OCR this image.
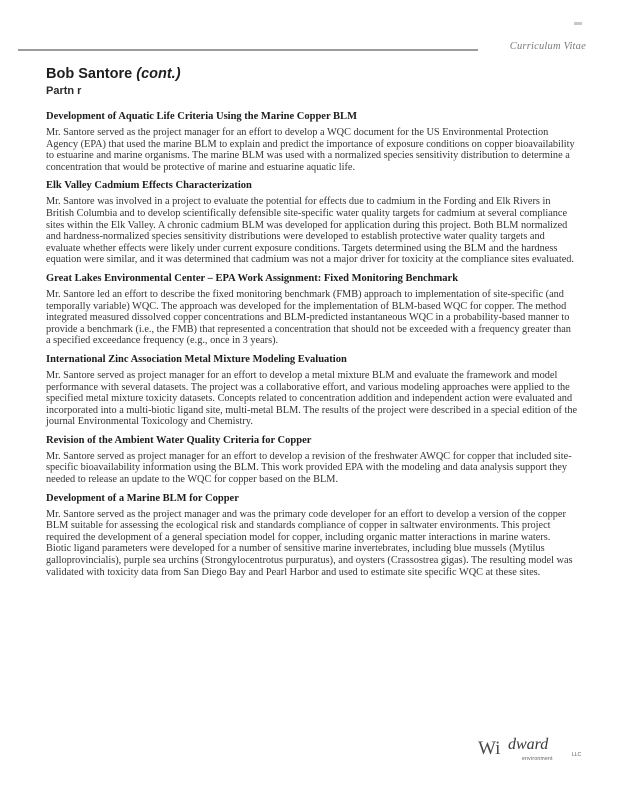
Curriculum Vitae
Bob Santore (cont.)
Partn r
Development of Aquatic Life Criteria Using the Marine Copper BLM

Mr. Santore served as the project manager for an effort to develop a WQC document for the US Environmental Protection Agency (EPA) that used the marine BLM to explain and predict the importance of exposure conditions on copper bioavailability to estuarine and marine organisms. The marine BLM was used with a normalized species sensitivity distribution to determine a concentration that would be protective of marine and estuarine aquatic life.

Elk Valley Cadmium Effects Characterization

Mr. Santore was involved in a project to evaluate the potential for effects due to cadmium in the Fording and Elk Rivers in British Columbia and to develop scientifically defensible site-specific water quality targets for cadmium at several compliance sites within the Elk Valley. A chronic cadmium BLM was developed for application during this project. Both BLM normalized and hardness-normalized species sensitivity distributions were developed to establish protective water quality targets and evaluate whether effects were likely under current exposure conditions. Targets determined using the BLM and the hardness equation were similar, and it was determined that cadmium was not a major driver for toxicity at the compliance sites evaluated.

Great Lakes Environmental Center – EPA Work Assignment: Fixed Monitoring Benchmark

Mr. Santore led an effort to describe the fixed monitoring benchmark (FMB) approach to implementation of site-specific (and temporally variable) WQC. The approach was developed for the implementation of BLM-based WQC for copper. The method integrated measured dissolved copper concentrations and BLM-predicted instantaneous WQC in a probability-based manner to provide a benchmark (i.e., the FMB) that represented a concentration that should not be exceeded with a frequency greater than a specified exceedance frequency (e.g., once in 3 years).

International Zinc Association Metal Mixture Modeling Evaluation

Mr. Santore served as project manager for an effort to develop a metal mixture BLM and evaluate the framework and model performance with several datasets. The project was a collaborative effort, and various modeling approaches were applied to the specified metal mixture toxicity datasets. Concepts related to concentration addition and independent action were evaluated and incorporated into a multi-biotic ligand site, multi-metal BLM. The results of the project were described in a special edition of the journal Environmental Toxicology and Chemistry.

Revision of the Ambient Water Quality Criteria for Copper

Mr. Santore served as project manager for an effort to develop a revision of the freshwater AWQC for copper that included site-specific bioavailability information using the BLM. This work provided EPA with the modeling and data analysis support they needed to release an update to the WQC for copper based on the BLM.

Development of a Marine BLM for Copper

Mr. Santore served as the project manager and was the primary code developer for an effort to develop a version of the copper BLM suitable for assessing the ecological risk and standards compliance of copper in saltwater environments. This project required the development of a general speciation model for copper, including organic matter interactions in marine waters. Biotic ligand parameters were developed for a number of sensitive marine invertebrates, including blue mussels (Mytilus galloprovincialis), purple sea urchins (Strongylocentrotus purpuratus), and oysters (Crassostrea gigas). The resulting model was validated with toxicity data from San Diego Bay and Pearl Harbor and used to estimate site specific WQC at these sites.

Wi dward
environment
LLC
